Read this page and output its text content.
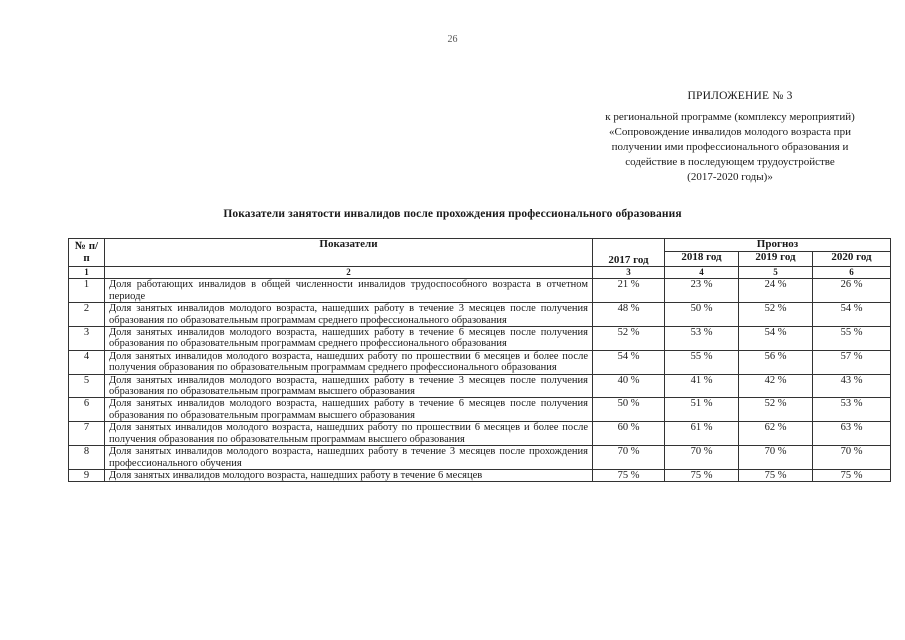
26
ПРИЛОЖЕНИЕ № 3
к региональной программе (комплексу мероприятий)
«Сопровождение инвалидов молодого возраста при
получении ими профессионального образования и
содействие в последующем трудоустройстве
(2017-2020 годы)»
Показатели занятости инвалидов после прохождения профессионального образования
№ п/п	Показатели	2017 год	Прогноз		
			2018 год	2019 год	2020 год
1	2	3	4	5	6
1	Доля работающих инвалидов в общей численности инвалидов трудоспособного возраста в отчетном периоде	21 %	23 %	24 %	26 %
2	Доля занятых инвалидов молодого возраста, нашедших работу в течение 3 месяцев после получения образования по образовательным программам среднего профессионального образования	48 %	50 %	52 %	54 %
3	Доля занятых инвалидов молодого возраста, нашедших работу в течение 6 месяцев после получения образования по образовательным программам среднего профессионального образования	52 %	53 %	54 %	55 %
4	Доля занятых инвалидов молодого возраста, нашедших работу по прошествии 6 месяцев и более после получения образования по образовательным программам среднего профессионального образования	54 %	55 %	56 %	57 %
5	Доля занятых инвалидов молодого возраста, нашедших работу в течение 3 месяцев после получения образования по образовательным программам высшего образования	40 %	41 %	42 %	43 %
6	Доля занятых инвалидов молодого возраста, нашедших работу в течение 6 месяцев после получения образования по образовательным программам высшего образования	50 %	51 %	52 %	53 %
7	Доля занятых инвалидов молодого возраста, нашедших работу по прошествии 6 месяцев и более после получения образования по образовательным программам высшего образования	60 %	61 %	62 %	63 %
8	Доля занятых инвалидов молодого возраста, нашедших работу в течение 3 месяцев после прохождения профессионального обучения	70 %	70 %	70 %	70 %
9	Доля занятых инвалидов молодого возраста, нашедших работу в течение 6 месяцев	75 %	75 %	75 %	75 %
